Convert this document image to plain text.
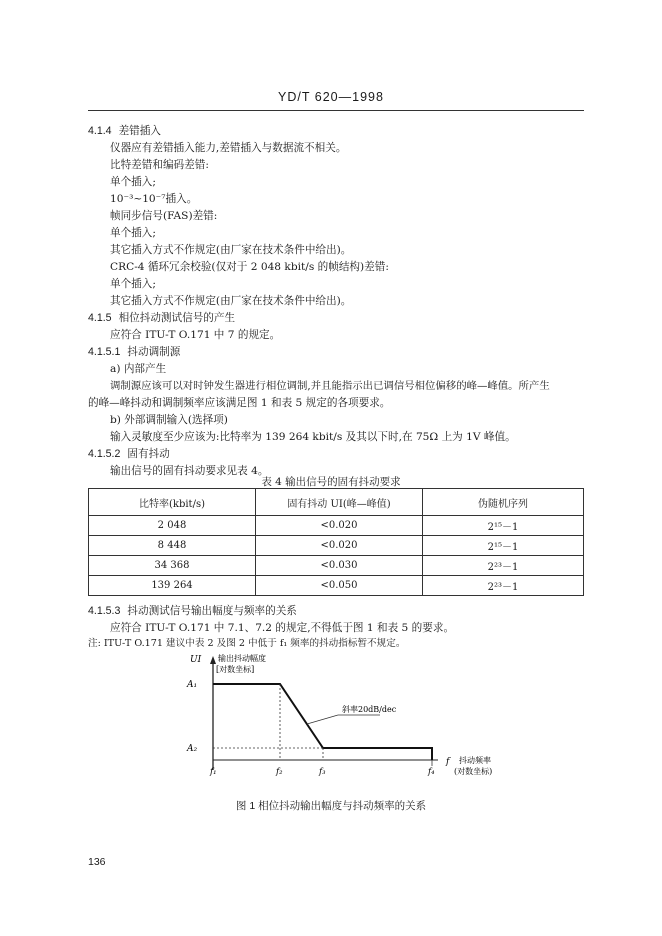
YD/T 620—1998
4.1.4 差错插入
仪器应有差错插入能力,差错插入与数据流不相关。
比特差错和编码差错:
单个插入;
10⁻³~10⁻⁷插入。
帧同步信号(FAS)差错:
单个插入;
其它插入方式不作规定(由厂家在技术条件中给出)。
CRC-4 循环冗余校验(仅对于 2 048 kbit/s 的帧结构)差错:
单个插入;
其它插入方式不作规定(由厂家在技术条件中给出)。
4.1.5 相位抖动测试信号的产生
应符合 ITU-T O.171 中 7 的规定。
4.1.5.1 抖动调制源
a) 内部产生
调制源应该可以对时钟发生器进行相位调制,并且能指示出已调信号相位偏移的峰—峰值。所产生
的峰—峰抖动和调制频率应该满足图 1 和表 5 规定的各项要求。
b) 外部调制输入(选择项)
输入灵敏度至少应该为:比特率为 139 264 kbit/s 及其以下时,在 75Ω 上为 1V 峰值。
4.1.5.2 固有抖动
输出信号的固有抖动要求见表 4。
表 4 输出信号的固有抖动要求
比特率(kbit/s)	固有抖动 UI(峰—峰值)	伪随机序列
2 048	<0.020	2¹⁵－1
8 448	<0.020	2¹⁵－1
34 368	<0.030	2²³－1
139 264	<0.050	2²³－1
4.1.5.3 抖动测试信号输出幅度与频率的关系
应符合 ITU-T O.171 中 7.1、7.2 的规定,不得低于图 1 和表 5 的要求。
注: ITU-T O.171 建议中表 2 及图 2 中低于 f₁ 频率的抖动指标暂不规定。
UI 输出抖动幅度
[对数坐标]
A₁
A₂
斜率20dB/dec
f 抖动频率
(对数坐标)
f₁	f₂	f₃	f₄
图 1 相位抖动输出幅度与抖动频率的关系
136
